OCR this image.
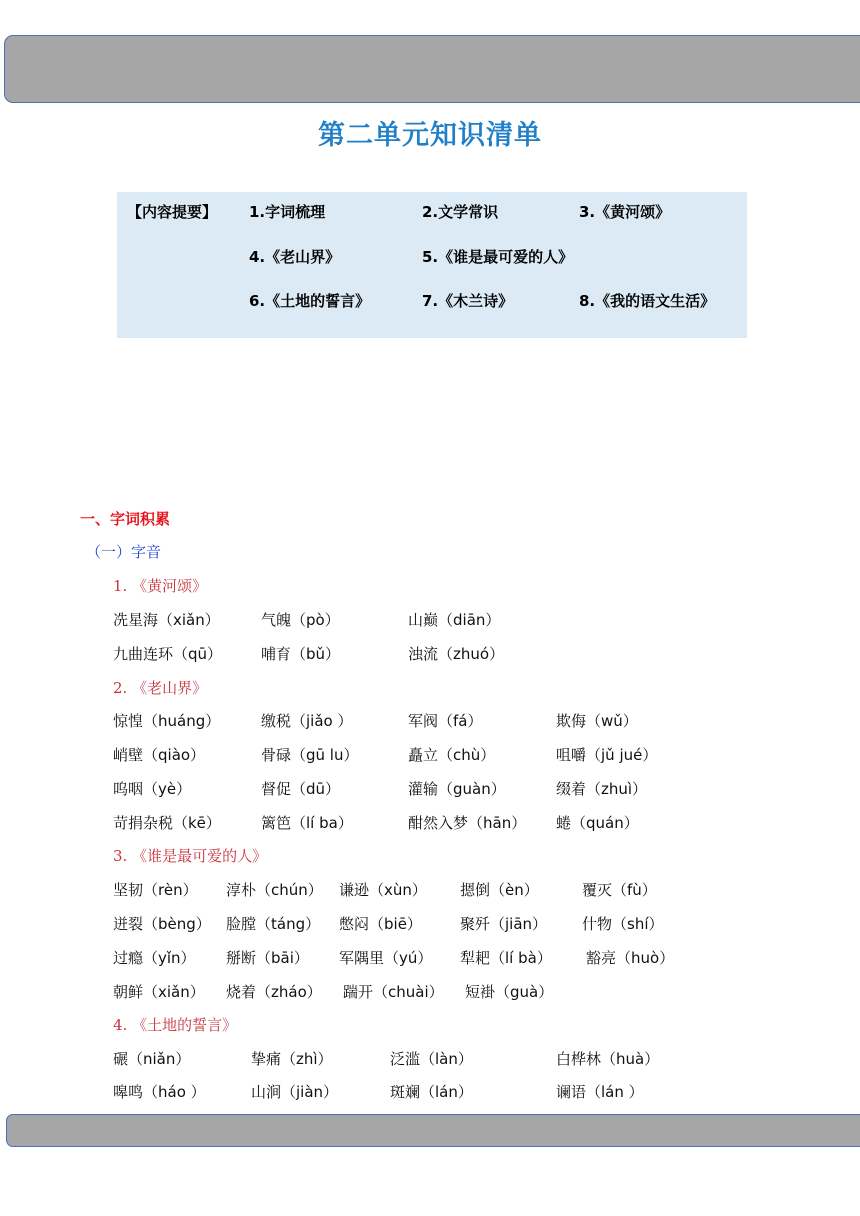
第二单元知识清单
【内容提要】 1.字词梳理	2.文学常识	3.《黄河颂》
4.《老山界》	5.《谁是最可爱的人》
6.《土地的誓言》	7.《木兰诗》	8.《我的语文生活》
一、字词积累
（一）字音
1. 《黄河颂》
冼星海（xiǎn）	气魄（pò）	山巅（diān）
九曲连环（qū）	哺育（bǔ）	浊流（zhuó）
2. 《老山界》
惊惶（huáng）	缴税（jiǎo ）	军阀（fá）	欺侮（wǔ）
峭壁（qiào）	骨碌（gū lu）	矗立（chù）	咀嚼（jǔ jué）
呜咽（yè）	督促（dū）	灌输（guàn）	缀着（zhuì）
苛捐杂税（kē）	篱笆（lí ba）	酣然入梦（hān） 蜷（quán）
3. 《谁是最可爱的人》
坚韧（rèn） 淳朴（chún） 谦逊（xùn） 摁倒（èn）	覆灭（fù）
迸裂（bèng） 脸膛（táng） 憋闷（biē）	聚歼（jiān） 什物（shí）
过瘾（yǐn） 掰断（bāi） 军隅里（yú） 犁耙（lí bà） 豁亮（huò）
朝鲜（xiǎn） 烧着（zháo） 踹开（chuài） 短褂（guà）
4. 《土地的誓言》
碾（niǎn）	挚痛（zhì）	泛滥（làn）	白桦林（huà）
嗥鸣（háo ）	山涧（jiàn）	斑斓（lán）	谰语（lán ）
